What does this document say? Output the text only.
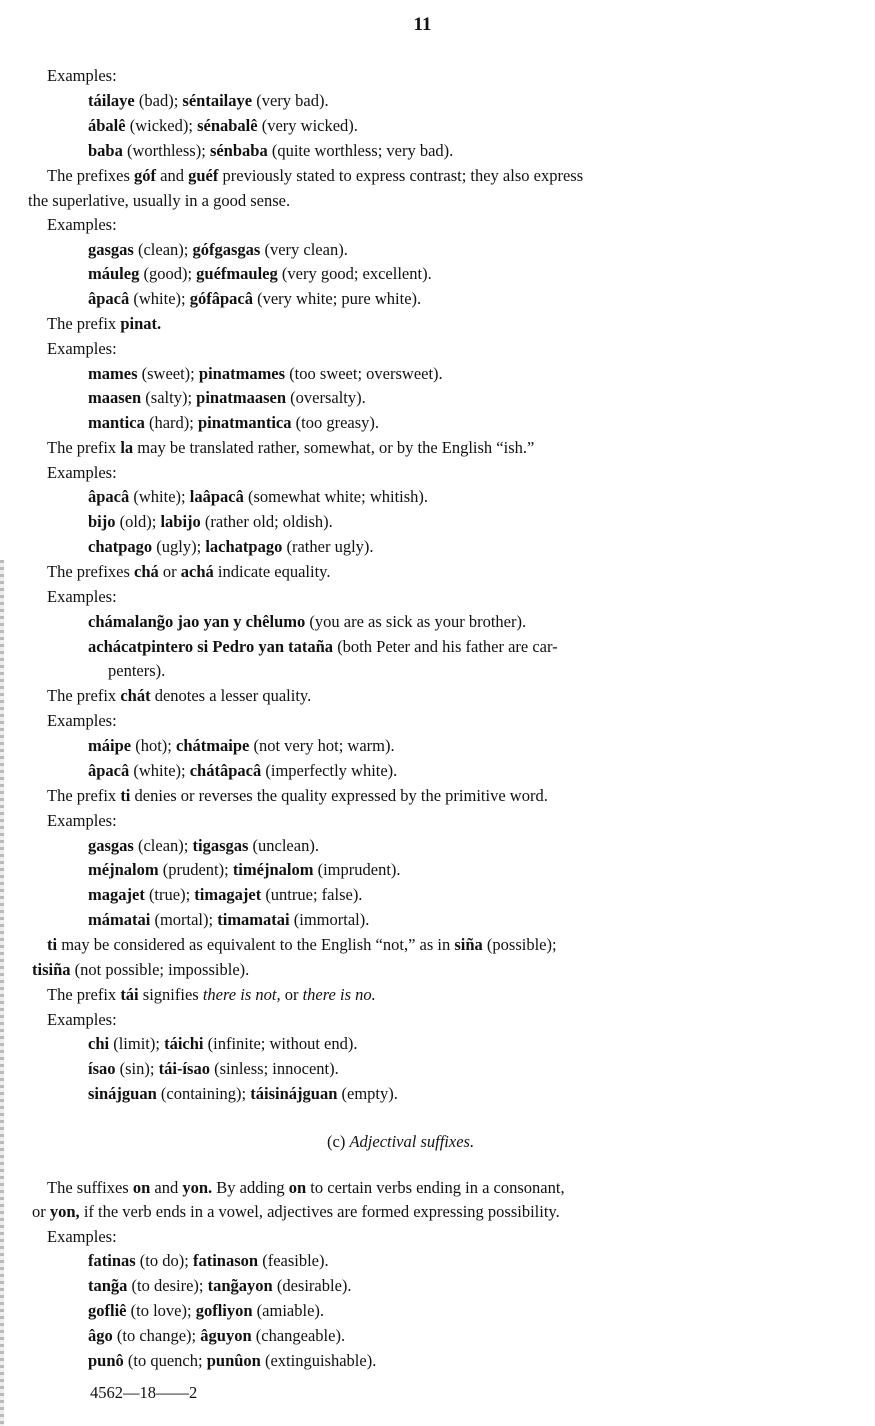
11
Examples:
táilaye (bad); séntailaye (very bad).
ábalê (wicked); sénabalê (very wicked).
baba (worthless); sénbaba (quite worthless; very bad).
The prefixes góf and guéf previously stated to express contrast; they also express
the superlative, usually in a good sense.
Examples:
gasgas (clean); gófgasgas (very clean).
máuleg (good); guéfmauleg (very good; excellent).
âpacâ (white); gófâpacâ (very white; pure white).
The prefix pinat.
Examples:
mames (sweet); pinatmames (too sweet; oversweet).
maasen (salty); pinatmaasen (oversalty).
mantica (hard); pinatmantica (too greasy).
The prefix la may be translated rather, somewhat, or by the English “ish.”
Examples:
âpacâ (white); laâpacâ (somewhat white; whitish).
bijo (old); labijo (rather old; oldish).
chatpago (ugly); lachatpago (rather ugly).
The prefixes chá or achá indicate equality.
Examples:
chámalang̃o jao yan y chêlumo (you are as sick as your brother).
achácatpintero si Pedro yan tataña (both Peter and his father are car-
penters).
The prefix chát denotes a lesser quality.
Examples:
máipe (hot); chátmaipe (not very hot; warm).
âpacâ (white); chátâpacâ (imperfectly white).
The prefix ti denies or reverses the quality expressed by the primitive word.
Examples:
gasgas (clean); tigasgas (unclean).
méjnalom (prudent); timéjnalom (imprudent).
magajet (true); timagajet (untrue; false).
mámatai (mortal); timamatai (immortal).
ti may be considered as equivalent to the English “not,” as in siña (possible);
tisiña (not possible; impossible).
The prefix tái signifies there is not, or there is no.
Examples:
chi (limit); táichi (infinite; without end).
ísao (sin); tái-ísao (sinless; innocent).
sinájguan (containing); táisinájguan (empty).
(c) Adjectival suffixes.
The suffixes on and yon. By adding on to certain verbs ending in a consonant,
or yon, if the verb ends in a vowel, adjectives are formed expressing possibility.
Examples:
fatinas (to do); fatinason (feasible).
tang̃a (to desire); tang̃ayon (desirable).
gofliê (to love); gofliyon (amiable).
âgo (to change); âguyon (changeable).
punô (to quench; punûon (extinguishable).
4562—18——2
